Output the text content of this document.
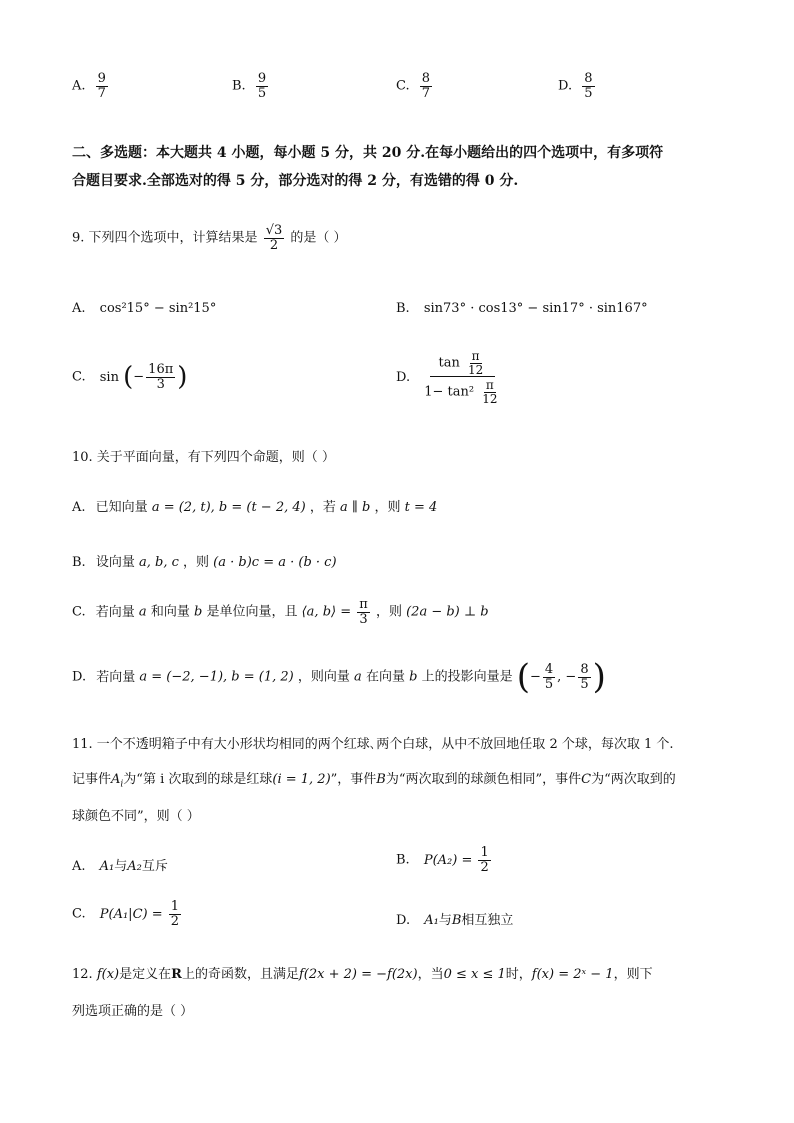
A. $\frac{9}{7}$	B. $\frac{9}{5}$	C. $\frac{8}{7}$	D. $\frac{8}{5}$
二、多选题：本大题共 4 小题，每小题 5 分，共 20 分.在每小题给出的四个选项中，有多项符
合题目要求.全部选对的得 5 分，部分选对的得 2 分，有选错的得 0 分.
9. 下列四个选项中，计算结果是 $\frac{√3}{2}$ 的是（ ）
A. cos²15° − sin²15°	B. sin73° · cos13° − sin17° · sin167°
C. sin (− $\frac{16\pi}{3}$ )	D. $\frac{\tan \frac{\pi}{12}}{1- \tan^2 \frac{\pi}{12}}$
10. 关于平面向量，有下列四个命题，则（ ）
A. 已知向量 a = (2, t), b = (t − 2, 4) ，若 a ∥ b ，则 t = 4
B. 设向量 a, b, c ，则 (a · b)c = a · (b · c)
C. 若向量 a 和向量 b 是单位向量，且 ⟨a, b⟩ = $\frac{\pi}{3}$ ，则 (2a − b) ⊥ b
D. 若向量 a = (−2, −1), b = (1, 2) ，则向量 a 在向量 b 上的投影向量是 (− $\frac{4}{5}$ , − $\frac{8}{5}$ )
11. 一个不透明箱子中有大小形状均相同的两个红球､两个白球，从中不放回地任取 2 个球，每次取 1 个.
记事件$A_i$为“第 i 次取到的球是红球(i = 1, 2)”，事件B为“两次取到的球颜色相同”，事件C为“两次取到的
球颜色不同”，则（ ）
A. A₁与A₂互斥	B. $P(A_2) = \frac{1}{2}$
C. $P(A_1|C) = \frac{1}{2}$	D. A₁与B相互独立
12. f(x)是定义在R上的奇函数，且满足f(2x + 2) = −f(2x)，当0 ≤ x ≤ 1时，f(x) = 2ˣ − 1，则下
列选项正确的是（ ）
